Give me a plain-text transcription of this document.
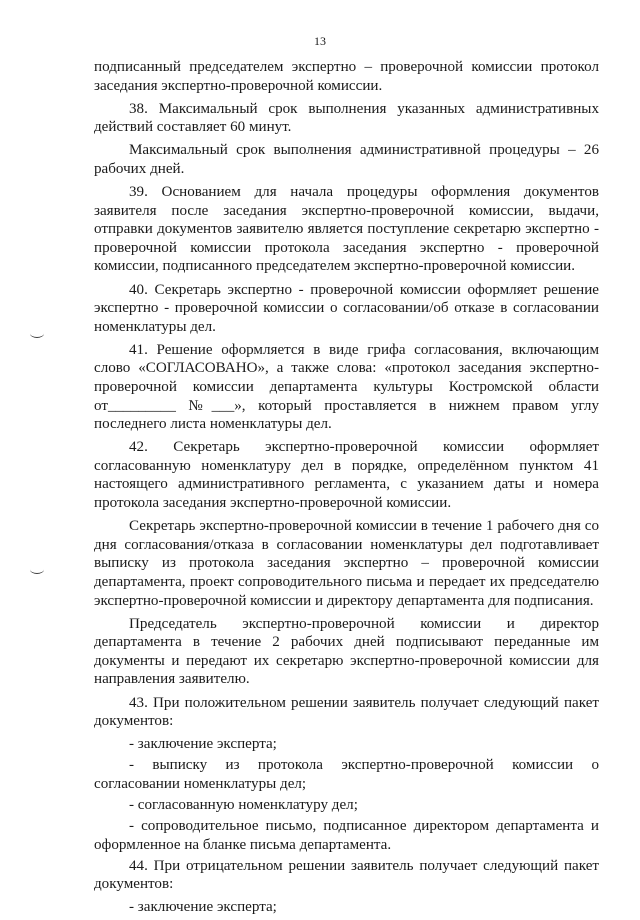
13

подписанный председателем экспертно – проверочной комиссии протокол заседания экспертно-проверочной комиссии.

38. Максимальный срок выполнения указанных административных действий составляет 60 минут.

Максимальный срок выполнения административной процедуры – 26 рабочих дней.

39. Основанием для начала процедуры оформления документов заявителя после заседания экспертно-проверочной комиссии, выдачи, отправки документов заявителю является поступление секретарю экспертно - проверочной комиссии протокола заседания экспертно - проверочной комиссии, подписанного председателем экспертно-проверочной комиссии.

40. Секретарь экспертно - проверочной комиссии оформляет решение экспертно - проверочной комиссии о согласовании/об отказе в согласовании номенклатуры дел.

41. Решение оформляется в виде грифа согласования, включающим слово «СОГЛАСОВАНО», а также слова: «протокол заседания экспертно-проверочной комиссии департамента культуры Костромской области от_________ №___», который проставляется в нижнем правом углу последнего листа номенклатуры дел.

42. Секретарь экспертно-проверочной комиссии оформляет согласованную номенклатуру дел в порядке, определённом пунктом 41 настоящего административного регламента, с указанием даты и номера протокола заседания экспертно-проверочной комиссии.

Секретарь экспертно-проверочной комиссии в течение 1 рабочего дня со дня согласования/отказа в согласовании номенклатуры дел подготавливает выписку из протокола заседания экспертно – проверочной комиссии департамента, проект сопроводительного письма и передает их председателю экспертно-проверочной комиссии и директору департамента для подписания.

Председатель экспертно-проверочной комиссии и директор департамента в течение 2 рабочих дней подписывают переданные им документы и передают их секретарю экспертно-проверочной комиссии для направления заявителю.

43. При положительном решении заявитель получает следующий пакет документов:

- заключение эксперта;

- выписку из протокола экспертно-проверочной комиссии о согласовании номенклатуры дел;

- согласованную номенклатуру дел;

- сопроводительное письмо, подписанное директором департамента и оформленное на бланке письма департамента.

44. При отрицательном решении заявитель получает следующий пакет документов:

- заключение эксперта;
